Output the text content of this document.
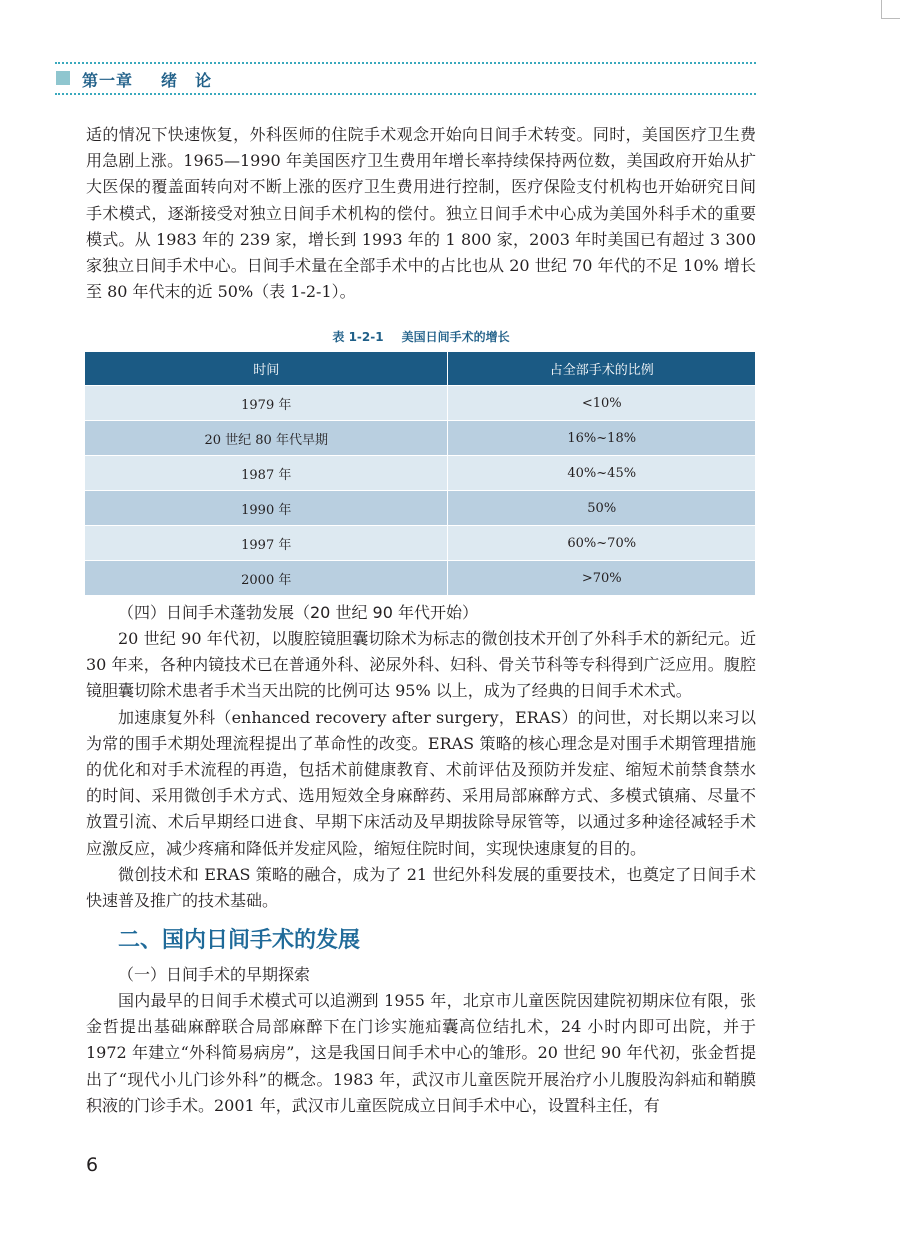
第一章 绪　论

适的情况下快速恢复，外科医师的住院手术观念开始向日间手术转变。同时，美国医疗卫生费用急剧上涨。1965—1990 年美国医疗卫生费用年增长率持续保持两位数，美国政府开始从扩大医保的覆盖面转向对不断上涨的医疗卫生费用进行控制，医疗保险支付机构也开始研究日间手术模式，逐渐接受对独立日间手术机构的偿付。独立日间手术中心成为美国外科手术的重要模式。从 1983 年的 239 家，增长到 1993 年的 1 800 家，2003 年时美国已有超过 3 300 家独立日间手术中心。日间手术量在全部手术中的占比也从 20 世纪 70 年代的不足 10% 增长至 80 年代末的近 50%（表 1-2-1）。

表 1-2-1 美国日间手术的增长
时间	占全部手术的比例
1979 年	<10%
20 世纪 80 年代早期	16%~18%
1987 年	40%~45%
1990 年	50%
1997 年	60%~70%
2000 年	>70%
（四）日间手术蓬勃发展（20 世纪 90 年代开始）

20 世纪 90 年代初，以腹腔镜胆囊切除术为标志的微创技术开创了外科手术的新纪元。近 30 年来，各种内镜技术已在普通外科、泌尿外科、妇科、骨关节科等专科得到广泛应用。腹腔镜胆囊切除术患者手术当天出院的比例可达 95% 以上，成为了经典的日间手术术式。

加速康复外科（enhanced recovery after surgery，ERAS）的问世，对长期以来习以为常的围手术期处理流程提出了革命性的改变。ERAS 策略的核心理念是对围手术期管理措施的优化和对手术流程的再造，包括术前健康教育、术前评估及预防并发症、缩短术前禁食禁水的时间、采用微创手术方式、选用短效全身麻醉药、采用局部麻醉方式、多模式镇痛、尽量不放置引流、术后早期经口进食、早期下床活动及早期拔除导尿管等，以通过多种途径减轻手术应激反应，减少疼痛和降低并发症风险，缩短住院时间，实现快速康复的目的。

微创技术和 ERAS 策略的融合，成为了 21 世纪外科发展的重要技术，也奠定了日间手术快速普及推广的技术基础。

二、国内日间手术的发展
（一）日间手术的早期探索

国内最早的日间手术模式可以追溯到 1955 年，北京市儿童医院因建院初期床位有限，张金哲提出基础麻醉联合局部麻醉下在门诊实施疝囊高位结扎术，24 小时内即可出院，并于 1972 年建立“外科简易病房”，这是我国日间手术中心的雏形。20 世纪 90 年代初，张金哲提出了“现代小儿门诊外科”的概念。1983 年，武汉市儿童医院开展治疗小儿腹股沟斜疝和鞘膜积液的门诊手术。2001 年，武汉市儿童医院成立日间手术中心，设置科主任，有

6
